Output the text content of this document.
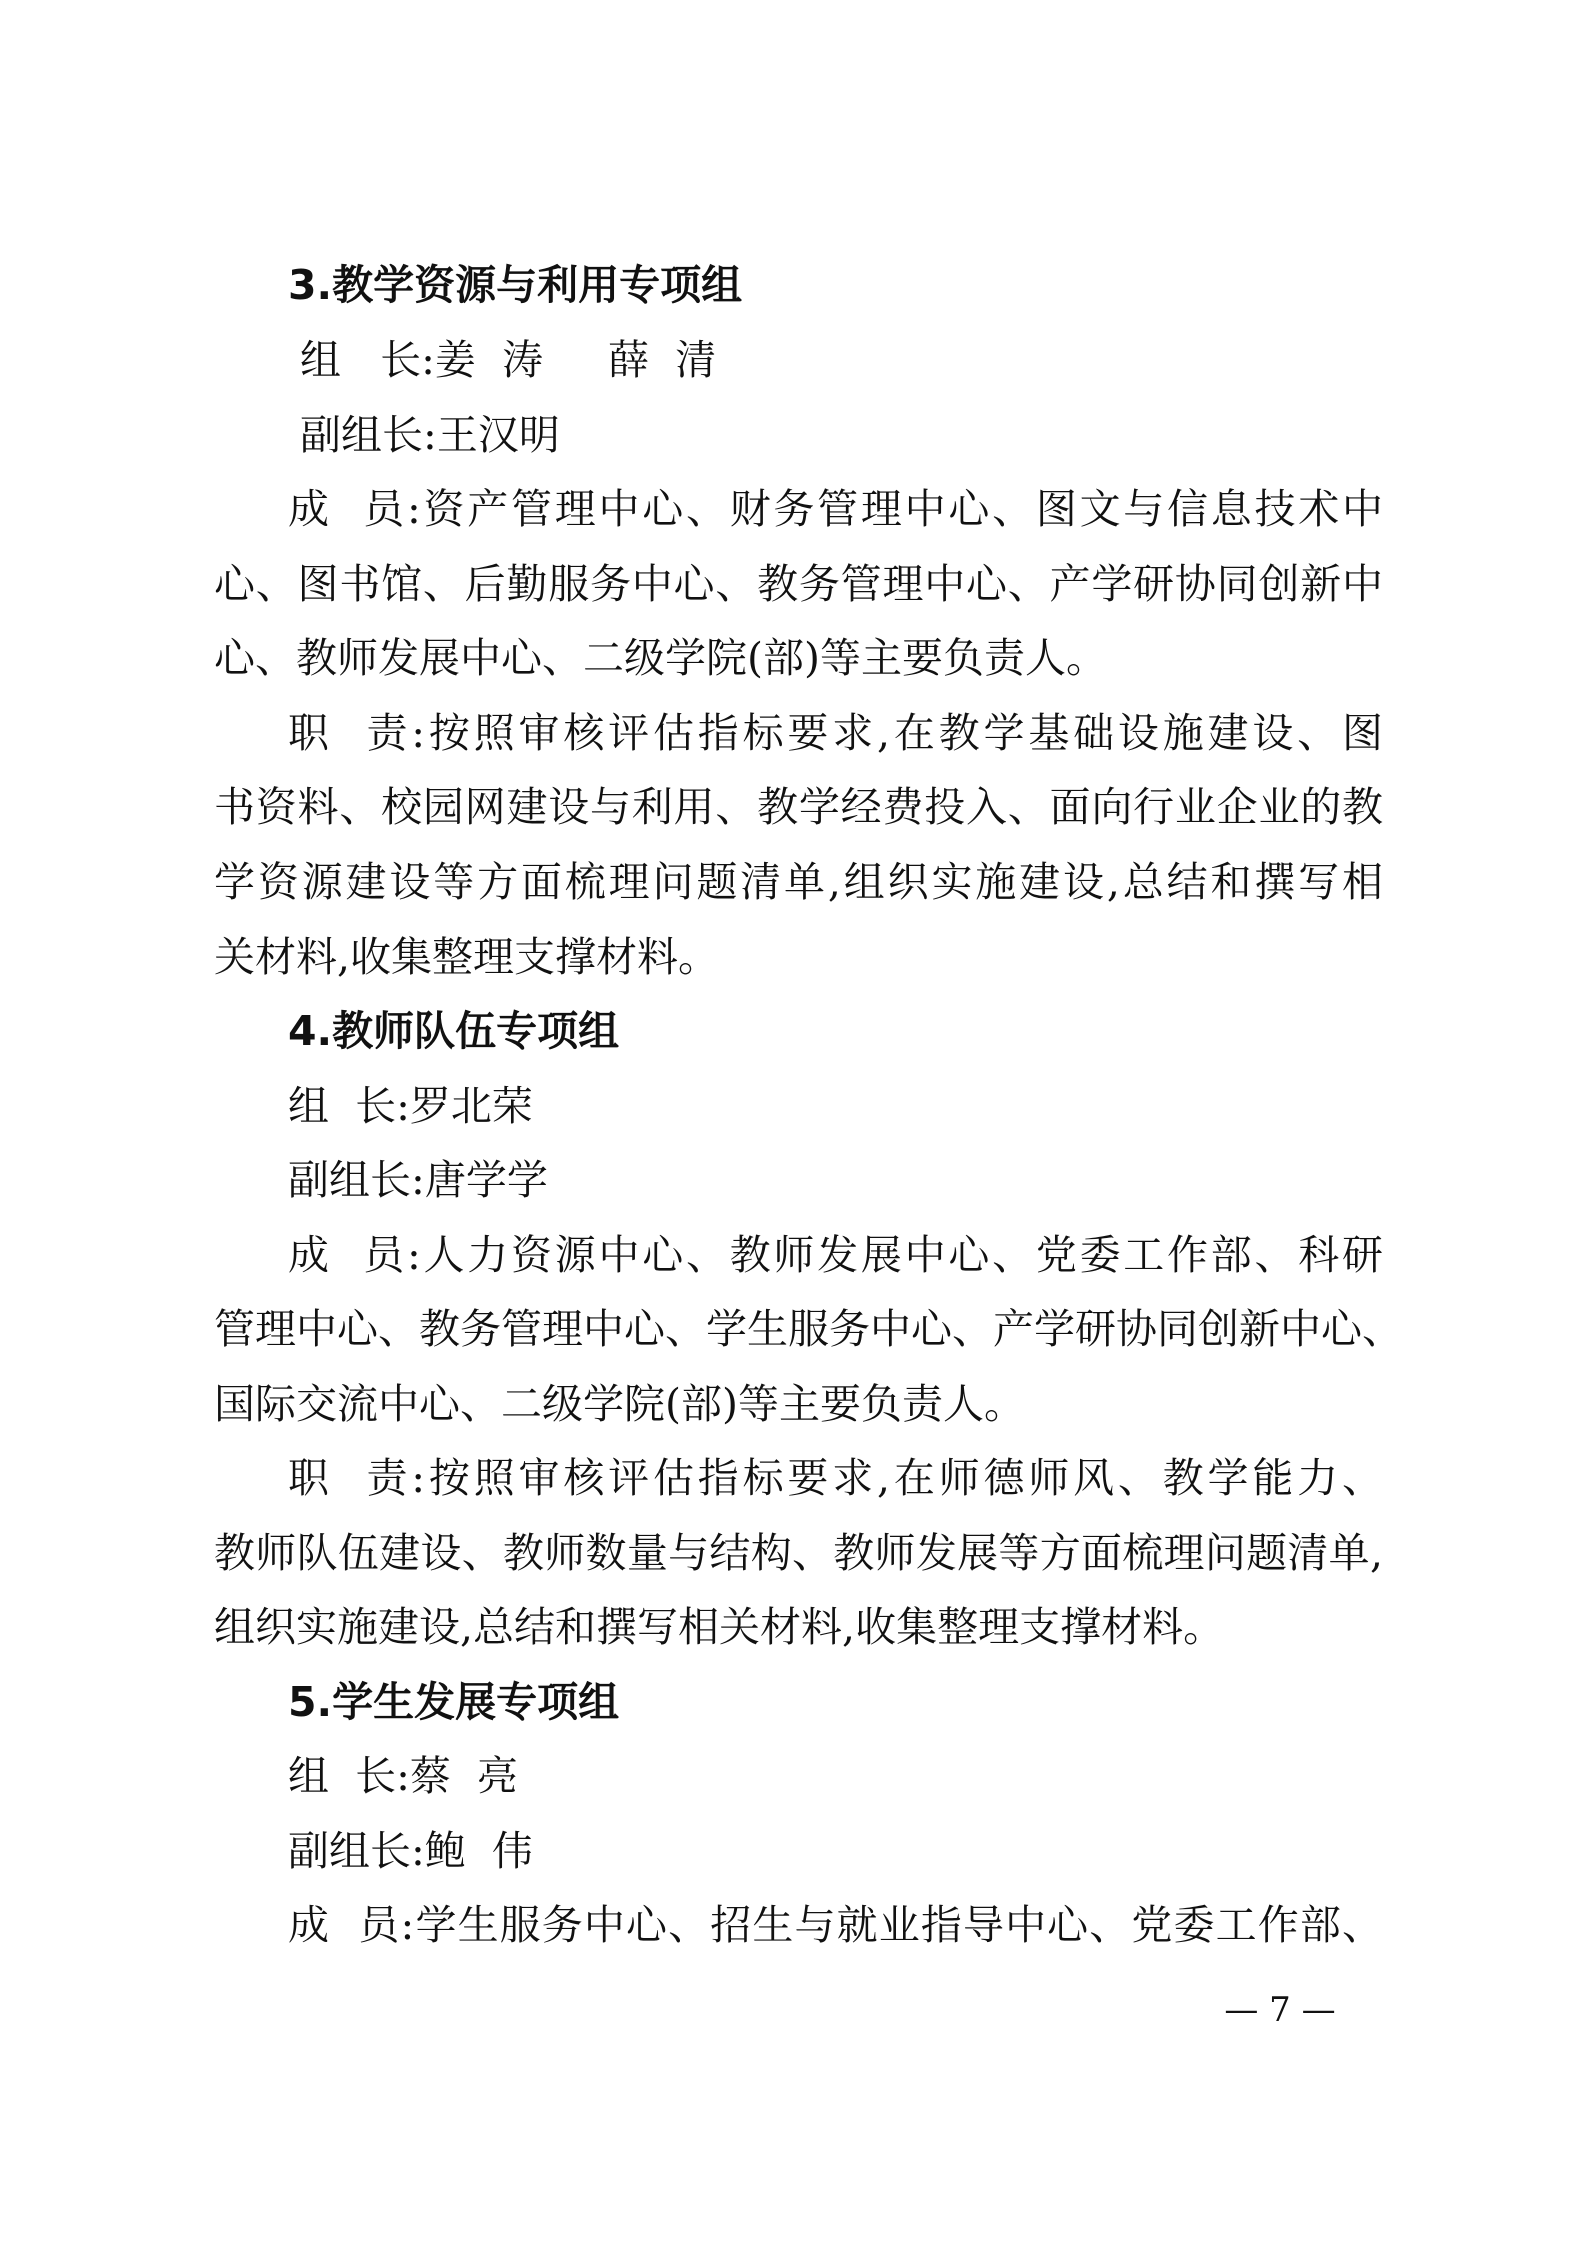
3.教学资源与利用专项组
组   长:姜  涛     薛  清
副组长:王汉明
成  员:资产管理中心、财务管理中心、图文与信息技术中
心、图书馆、后勤服务中心、教务管理中心、产学研协同创新中
心、教师发展中心、二级学院(部)等主要负责人。
职  责:按照审核评估指标要求,在教学基础设施建设、图
书资料、校园网建设与利用、教学经费投入、面向行业企业的教
学资源建设等方面梳理问题清单,组织实施建设,总结和撰写相
关材料,收集整理支撑材料。
4.教师队伍专项组
组  长:罗北荣
副组长:唐学学
成  员:人力资源中心、教师发展中心、党委工作部、科研
管理中心、教务管理中心、学生服务中心、产学研协同创新中心、
国际交流中心、二级学院(部)等主要负责人。
职  责:按照审核评估指标要求,在师德师风、教学能力、
教师队伍建设、教师数量与结构、教师发展等方面梳理问题清单,
组织实施建设,总结和撰写相关材料,收集整理支撑材料。
5.学生发展专项组
组  长:蔡  亮
副组长:鲍  伟
成  员:学生服务中心、招生与就业指导中心、党委工作部、
— 7 —
